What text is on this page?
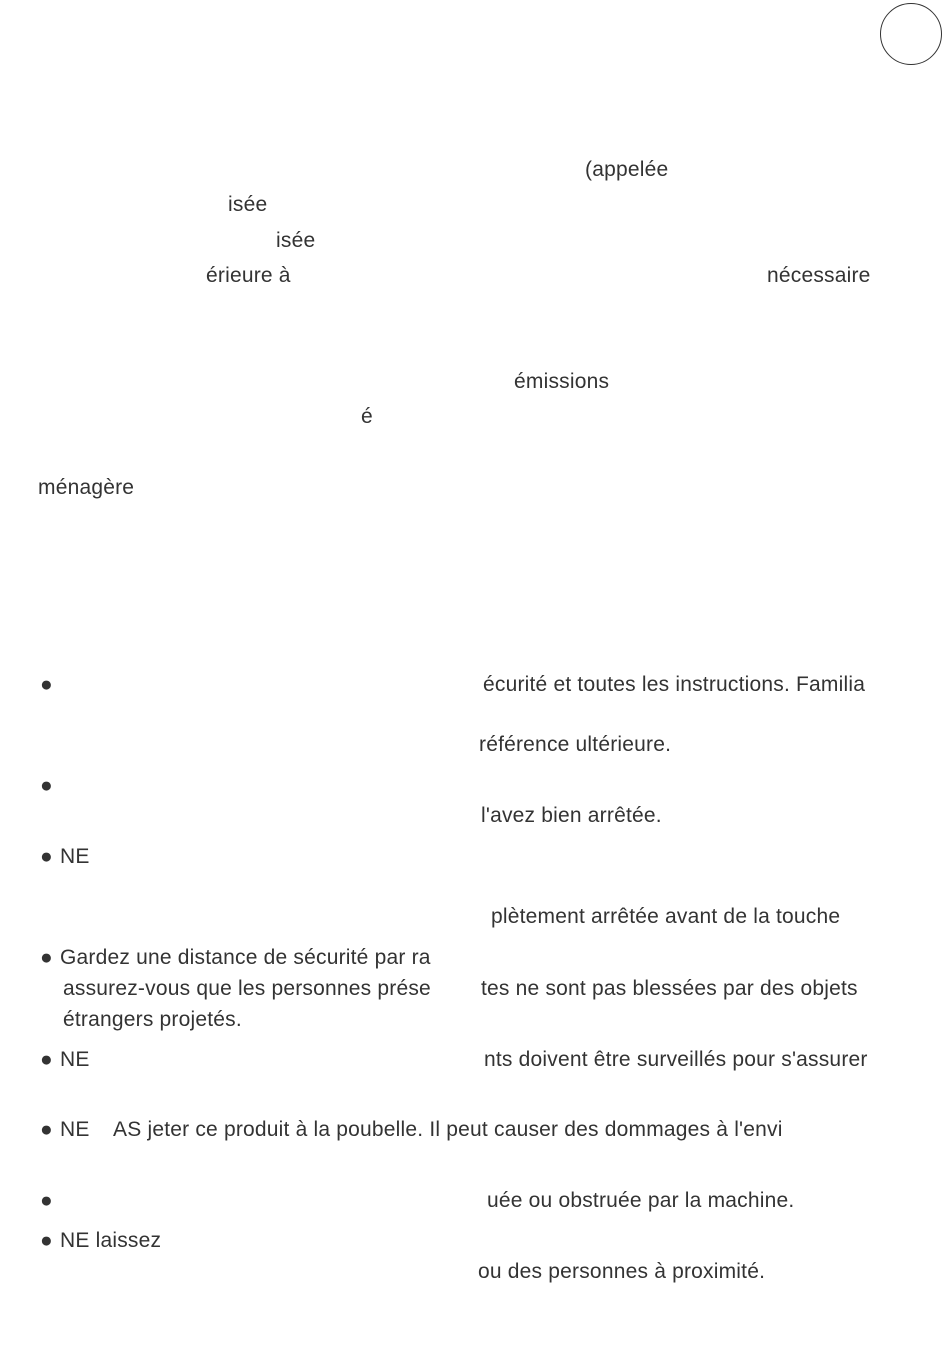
(appelée
isée
isée
érieure à	nécessaire
émissions
é
ménagère
●	écurité et toutes les instructions. Familia
référence ultérieure.
●
l'avez bien arrêtée.
● NE
plètement arrêtée avant de la touche
● Gardez une distance de sécurité par ra
assurez-vous que les personnes prése tes ne sont pas blessées par des objets
étrangers projetés.
● NE	nts doivent être surveillés pour s'assurer
● NE AS jeter ce produit à la poubelle. Il peut causer des dommages à l'envi
●	uée ou obstruée par la machine.
● NE laissez
ou des personnes à proximité.
